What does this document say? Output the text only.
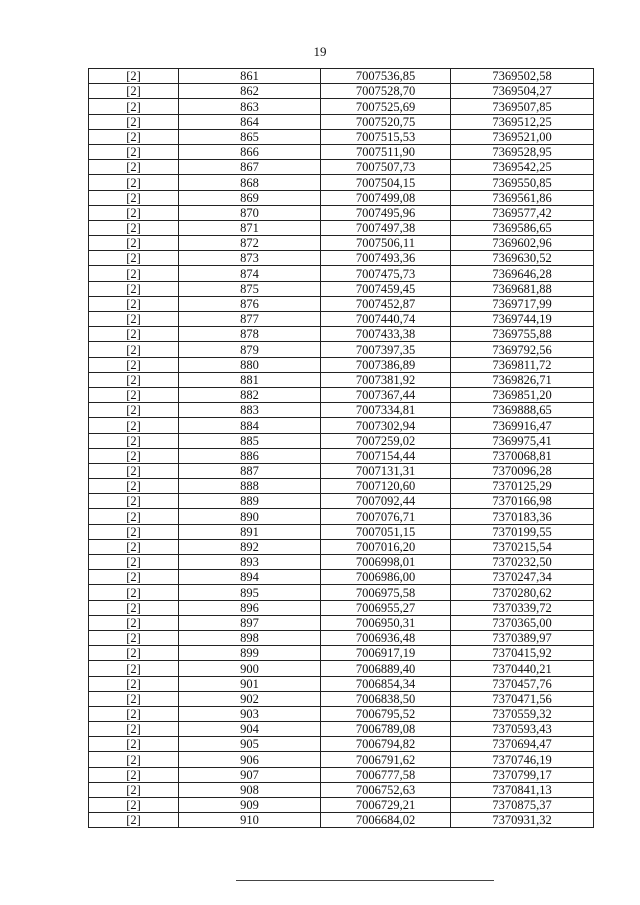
19
[2]	861	7007536,85	7369502,58
[2]	862	7007528,70	7369504,27
[2]	863	7007525,69	7369507,85
[2]	864	7007520,75	7369512,25
[2]	865	7007515,53	7369521,00
[2]	866	7007511,90	7369528,95
[2]	867	7007507,73	7369542,25
[2]	868	7007504,15	7369550,85
[2]	869	7007499,08	7369561,86
[2]	870	7007495,96	7369577,42
[2]	871	7007497,38	7369586,65
[2]	872	7007506,11	7369602,96
[2]	873	7007493,36	7369630,52
[2]	874	7007475,73	7369646,28
[2]	875	7007459,45	7369681,88
[2]	876	7007452,87	7369717,99
[2]	877	7007440,74	7369744,19
[2]	878	7007433,38	7369755,88
[2]	879	7007397,35	7369792,56
[2]	880	7007386,89	7369811,72
[2]	881	7007381,92	7369826,71
[2]	882	7007367,44	7369851,20
[2]	883	7007334,81	7369888,65
[2]	884	7007302,94	7369916,47
[2]	885	7007259,02	7369975,41
[2]	886	7007154,44	7370068,81
[2]	887	7007131,31	7370096,28
[2]	888	7007120,60	7370125,29
[2]	889	7007092,44	7370166,98
[2]	890	7007076,71	7370183,36
[2]	891	7007051,15	7370199,55
[2]	892	7007016,20	7370215,54
[2]	893	7006998,01	7370232,50
[2]	894	7006986,00	7370247,34
[2]	895	7006975,58	7370280,62
[2]	896	7006955,27	7370339,72
[2]	897	7006950,31	7370365,00
[2]	898	7006936,48	7370389,97
[2]	899	7006917,19	7370415,92
[2]	900	7006889,40	7370440,21
[2]	901	7006854,34	7370457,76
[2]	902	7006838,50	7370471,56
[2]	903	7006795,52	7370559,32
[2]	904	7006789,08	7370593,43
[2]	905	7006794,82	7370694,47
[2]	906	7006791,62	7370746,19
[2]	907	7006777,58	7370799,17
[2]	908	7006752,63	7370841,13
[2]	909	7006729,21	7370875,37
[2]	910	7006684,02	7370931,32
